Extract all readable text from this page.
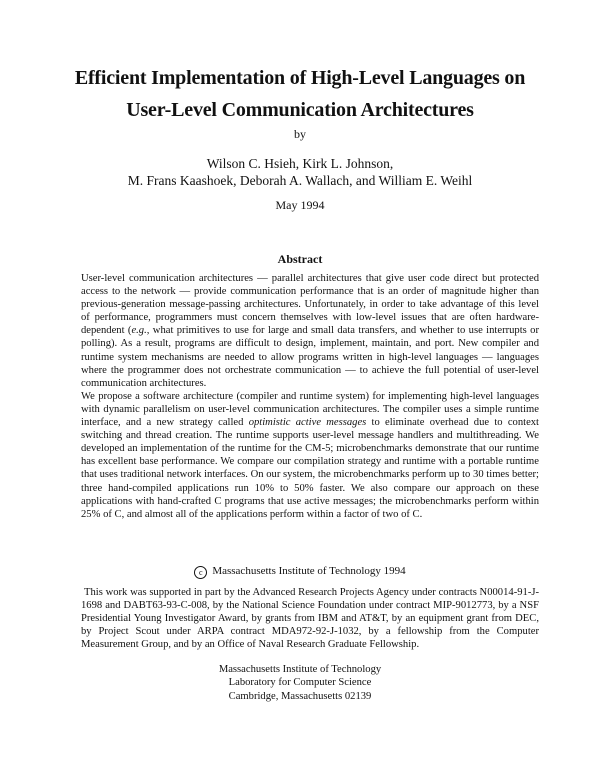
Efficient Implementation of High-Level Languages on
User-Level Communication Architectures
by
Wilson C. Hsieh, Kirk L. Johnson,
M. Frans Kaashoek, Deborah A. Wallach, and William E. Weihl
May 1994
Abstract

User-level communication architectures — parallel architectures that give user code direct but protected access to the network — provide communication performance that is an order of magnitude higher than previous-generation message-passing architectures. Unfortunately, in order to take advantage of this level of performance, programmers must concern themselves with low-level issues that are often hardware-dependent (e.g., what primitives to use for large and small data transfers, and whether to use interrupts or polling). As a result, programs are difficult to design, implement, maintain, and port. New compiler and runtime system mechanisms are needed to allow programs written in high-level languages — languages where the programmer does not orchestrate communication — to achieve the full potential of user-level communication architectures.

We propose a software architecture (compiler and runtime system) for implementing high-level languages with dynamic parallelism on user-level communication architectures. The compiler uses a simple runtime interface, and a new strategy called optimistic active messages to eliminate overhead due to context switching and thread creation. The runtime supports user-level message handlers and multithreading. We developed an implementation of the runtime for the CM-5; microbenchmarks demonstrate that our runtime has excellent base performance. We compare our compilation strategy and runtime with a portable runtime that uses traditional network interfaces. On our system, the microbenchmarks perform up to 30 times better; three hand-compiled applications run 10% to 50% faster. We also compare our approach on these applications with hand-crafted C programs that use active messages; the microbenchmarks perform within 25% of C, and almost all of the applications perform within a factor of two of C.

c Massachusetts Institute of Technology 1994
This work was supported in part by the Advanced Research Projects Agency under contracts N00014-91-J-1698 and DABT63-93-C-008, by the National Science Foundation under contract MIP-9012773, by a NSF Presidential Young Investigator Award, by grants from IBM and AT&T, by an equipment grant from DEC, by Project Scout under ARPA contract MDA972-92-J-1032, by a fellowship from the Computer Measurement Group, and by an Office of Naval Research Graduate Fellowship.
Massachusetts Institute of Technology
Laboratory for Computer Science
Cambridge, Massachusetts 02139
